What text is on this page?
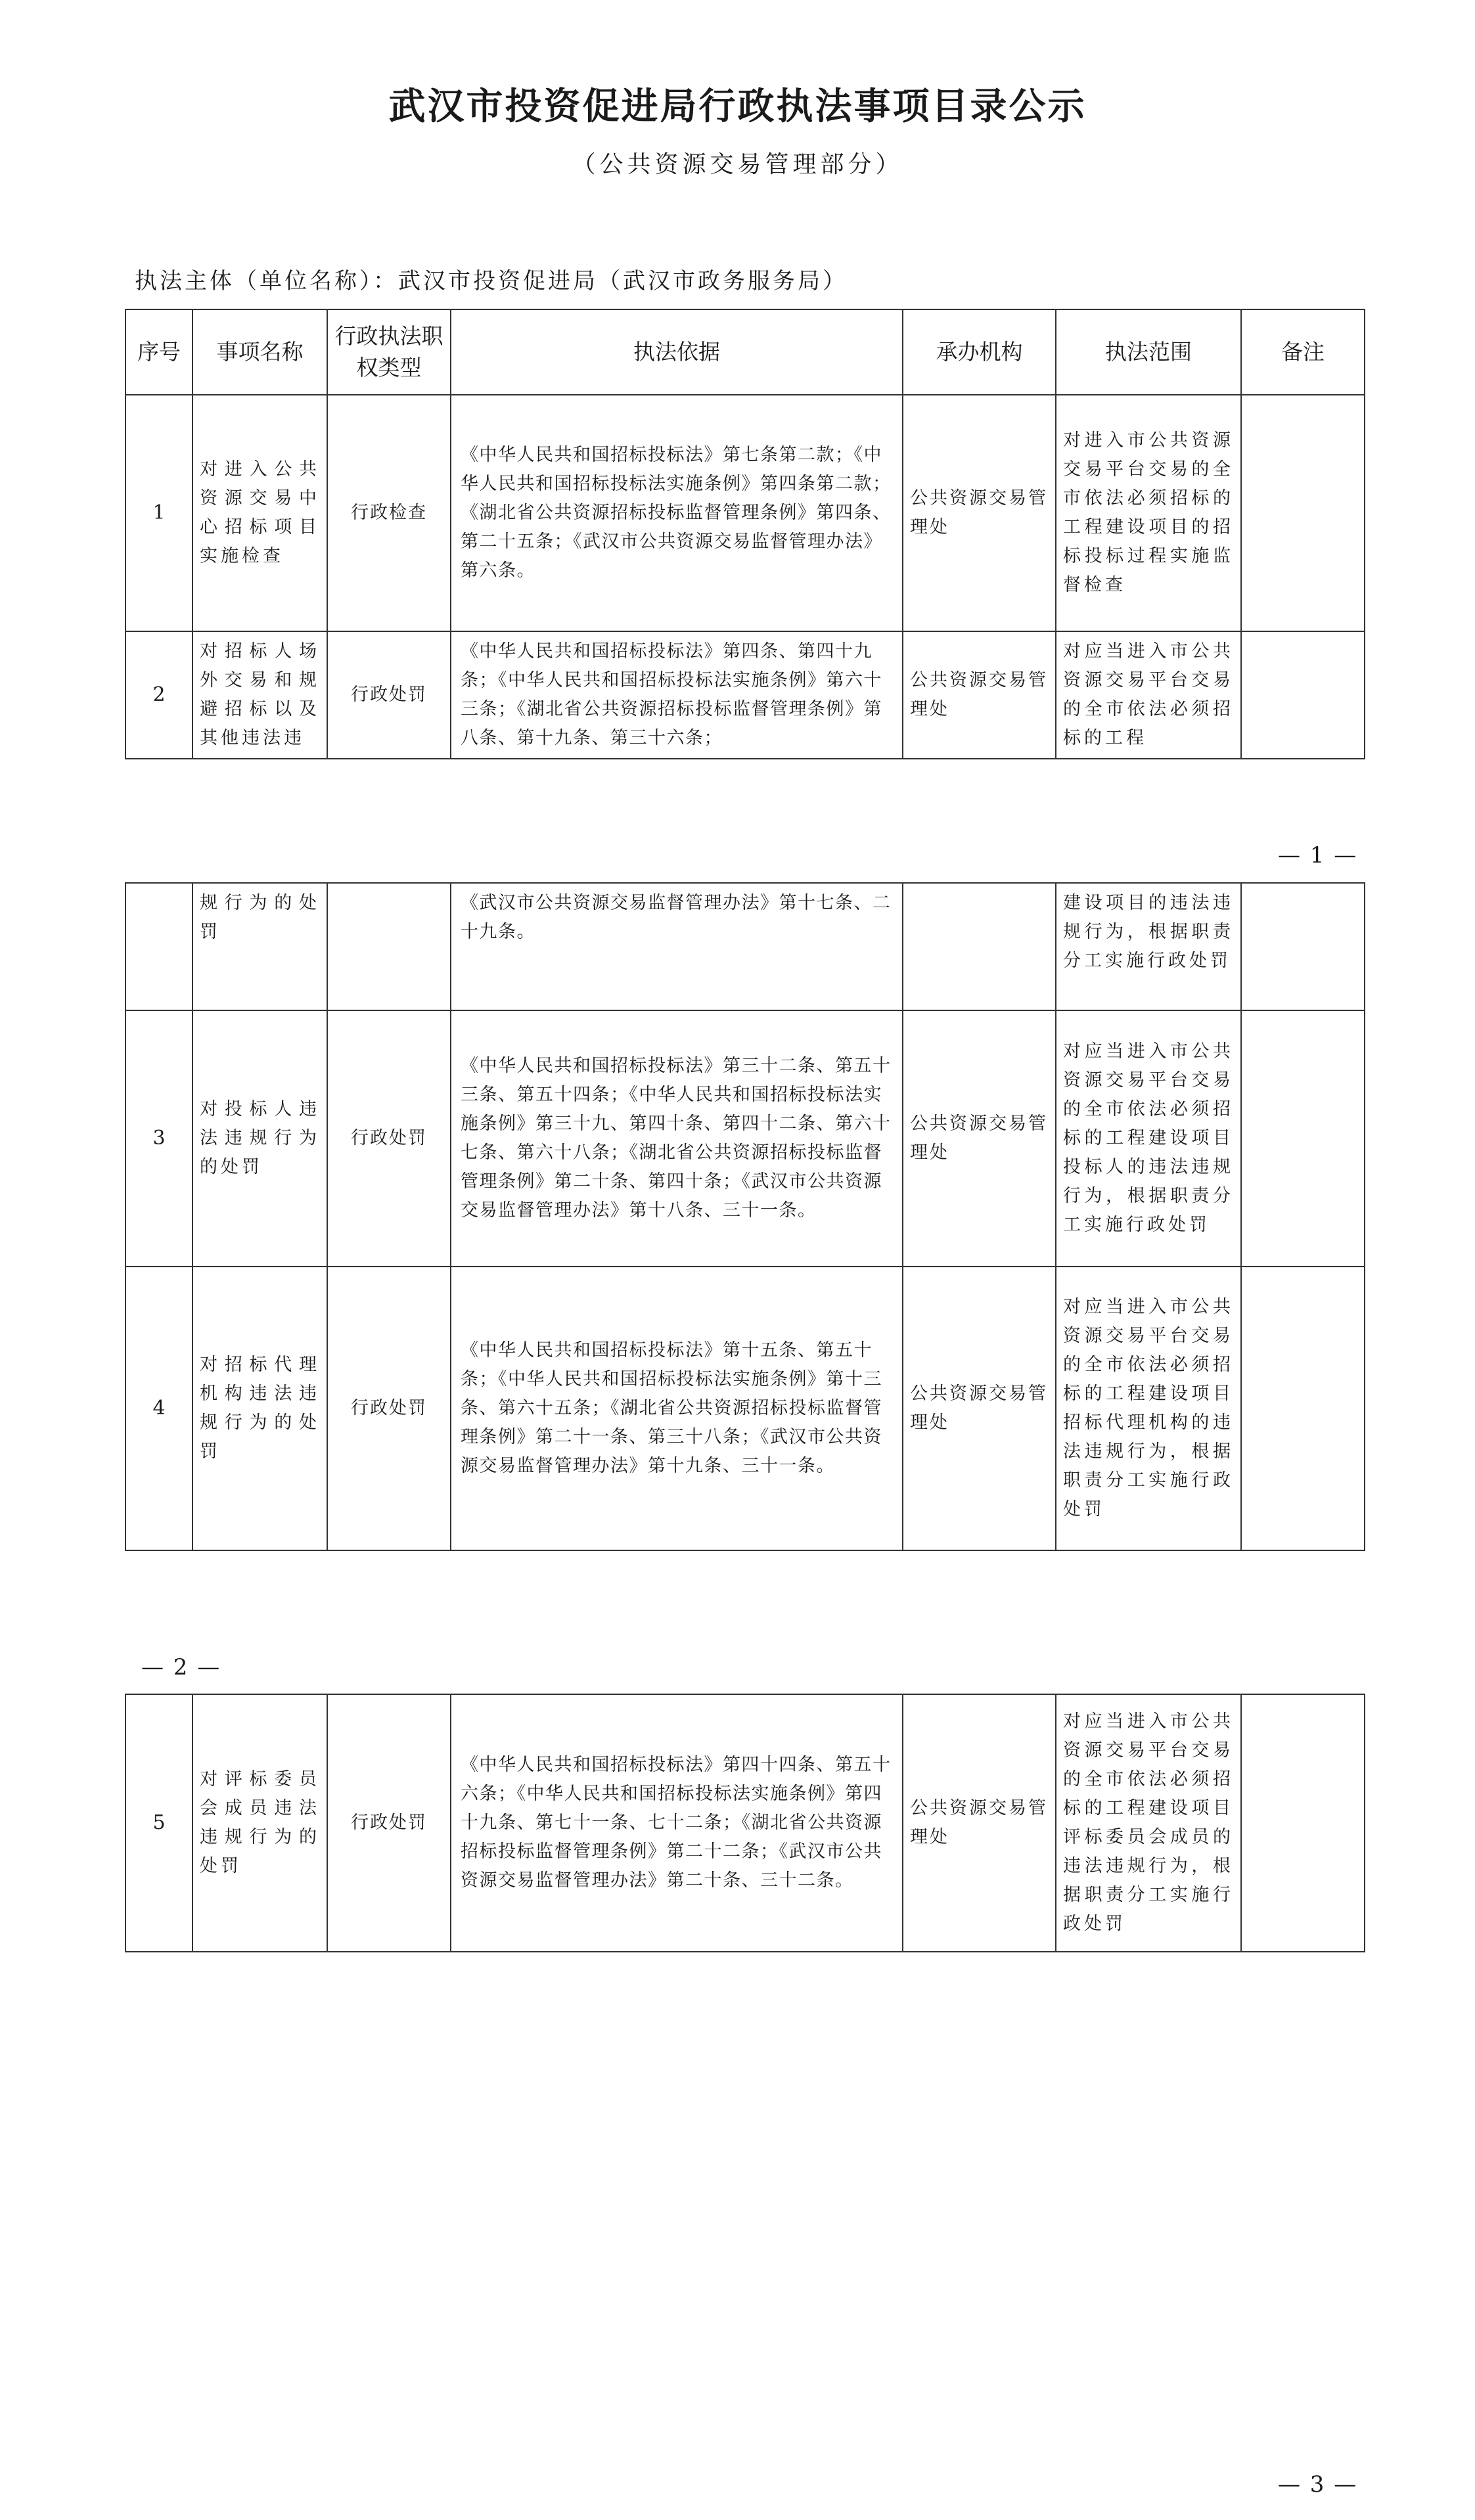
武汉市投资促进局行政执法事项目录公示
（公共资源交易管理部分）
执法主体（单位名称）：武汉市投资促进局（武汉市政务服务局）
序号	事项名称	行政执法职权类型	执法依据	承办机构	执法范围	备注
1	对进入公共资源交易中心招标项目实施检查	行政检查	《中华人民共和国招标投标法》第七条第二款；《中华人民共和国招标投标法实施条例》第四条第二款；《湖北省公共资源招标投标监督管理条例》第四条、第二十五条；《武汉市公共资源交易监督管理办法》第六条。	公共资源交易管理处	对进入市公共资源交易平台交易的全市依法必须招标的工程建设项目的招标投标过程实施监督检查	
2	对招标人场外交易和规避招标以及其他违法违	行政处罚	《中华人民共和国招标投标法》第四条、第四十九条；《中华人民共和国招标投标法实施条例》第六十三条；《湖北省公共资源招标投标监督管理条例》第八条、第十九条、第三十六条；	公共资源交易管理处	对应当进入市公共资源交易平台交易的全市依法必须招标的工程	
— 1 —
	规行为的处罚		《武汉市公共资源交易监督管理办法》第十七条、二十九条。		建设项目的违法违规行为，根据职责分工实施行政处罚	
3	对投标人违法违规行为的处罚	行政处罚	《中华人民共和国招标投标法》第三十二条、第五十三条、第五十四条；《中华人民共和国招标投标法实施条例》第三十九、第四十条、第四十二条、第六十七条、第六十八条；《湖北省公共资源招标投标监督管理条例》第二十条、第四十条；《武汉市公共资源交易监督管理办法》第十八条、三十一条。	公共资源交易管理处	对应当进入市公共资源交易平台交易的全市依法必须招标的工程建设项目投标人的违法违规行为，根据职责分工实施行政处罚	
4	对招标代理机构违法违规行为的处罚	行政处罚	《中华人民共和国招标投标法》第十五条、第五十条；《中华人民共和国招标投标法实施条例》第十三条、第六十五条；《湖北省公共资源招标投标监督管理条例》第二十一条、第三十八条；《武汉市公共资源交易监督管理办法》第十九条、三十一条。	公共资源交易管理处	对应当进入市公共资源交易平台交易的全市依法必须招标的工程建设项目招标代理机构的违法违规行为，根据职责分工实施行政处罚	
— 2 —
5	对评标委员会成员违法违规行为的处罚	行政处罚	《中华人民共和国招标投标法》第四十四条、第五十六条；《中华人民共和国招标投标法实施条例》第四十九条、第七十一条、七十二条；《湖北省公共资源招标投标监督管理条例》第二十二条；《武汉市公共资源交易监督管理办法》第二十条、三十二条。	公共资源交易管理处	对应当进入市公共资源交易平台交易的全市依法必须招标的工程建设项目评标委员会成员的违法违规行为，根据职责分工实施行政处罚	
— 3 —
